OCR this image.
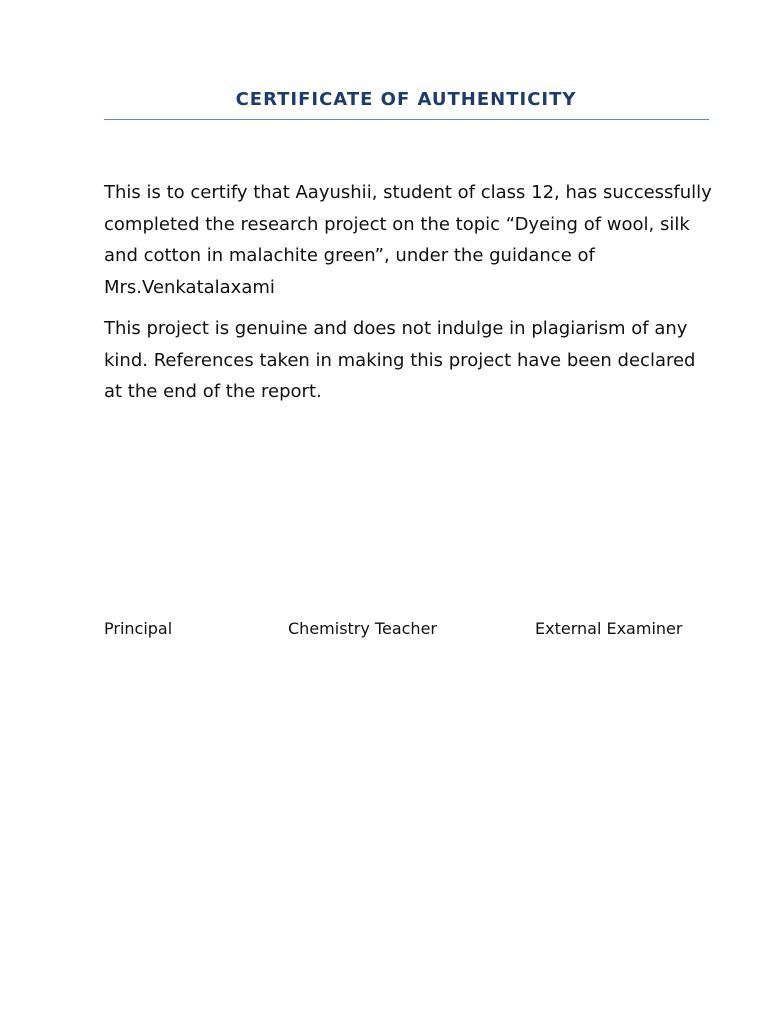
CERTIFICATE OF AUTHENTICITY

This is to certify that Aayushii, student of class 12, has successfully completed the research project on the topic “Dyeing of wool, silk and cotton in malachite green”, under the guidance of Mrs.Venkatalaxami

This project is genuine and does not indulge in plagiarism of any kind. References taken in making this project have been declared at the end of the report.

Principal	Chemistry Teacher	External Examiner
